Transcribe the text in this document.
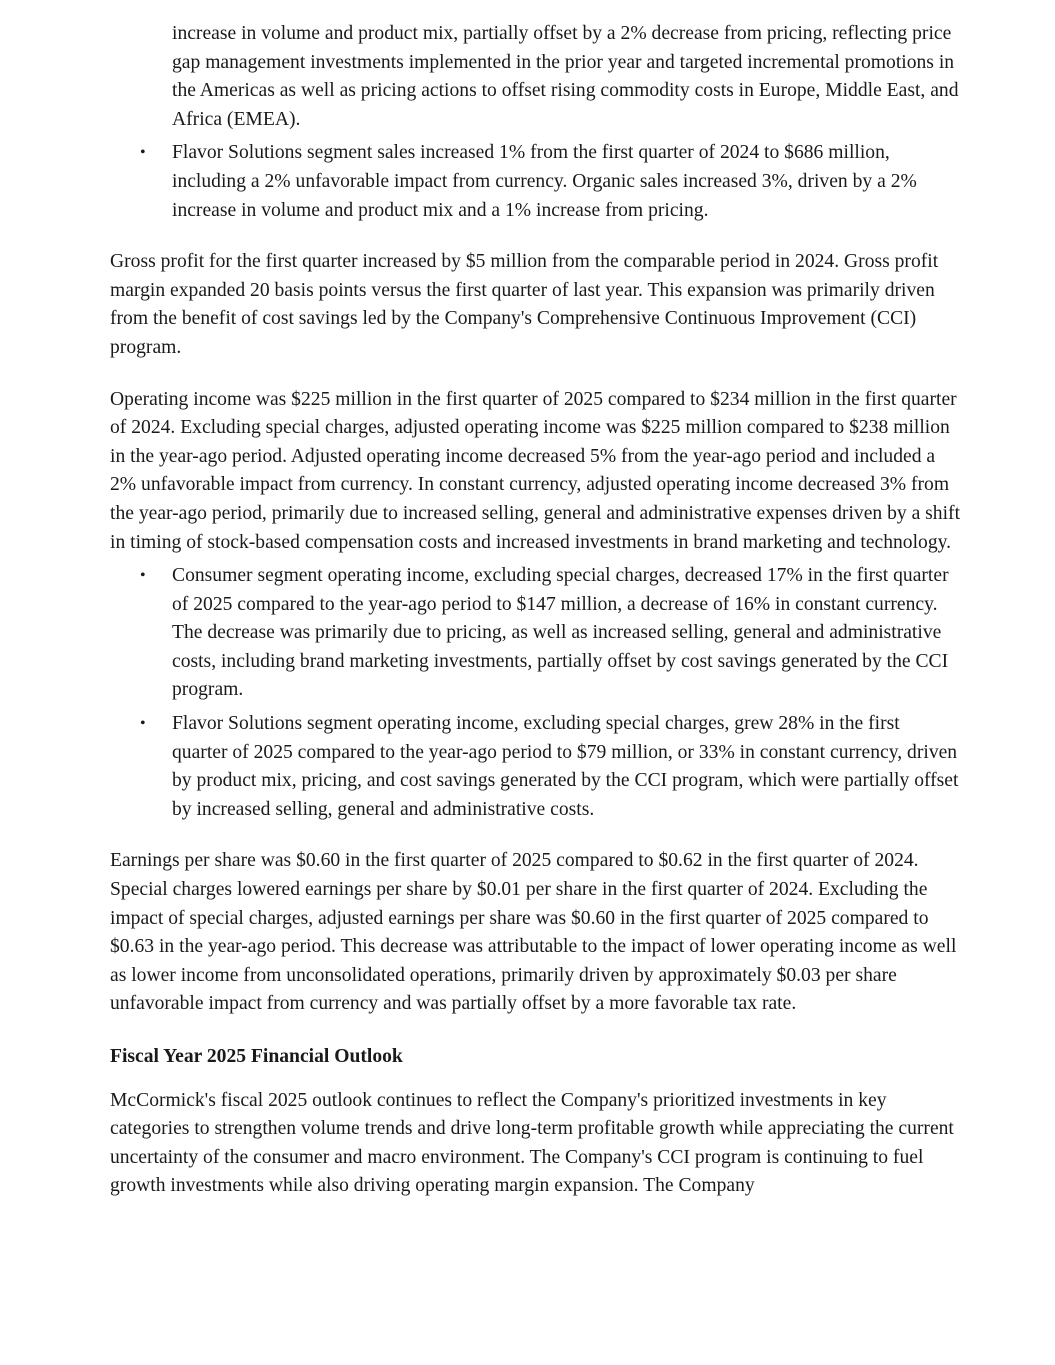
increase in volume and product mix, partially offset by a 2% decrease from pricing, reflecting price gap management investments implemented in the prior year and targeted incremental promotions in the Americas as well as pricing actions to offset rising commodity costs in Europe, Middle East, and Africa (EMEA).

• Flavor Solutions segment sales increased 1% from the first quarter of 2024 to $686 million, including a 2% unfavorable impact from currency. Organic sales increased 3%, driven by a 2% increase in volume and product mix and a 1% increase from pricing.

Gross profit for the first quarter increased by $5 million from the comparable period in 2024. Gross profit margin expanded 20 basis points versus the first quarter of last year. This expansion was primarily driven from the benefit of cost savings led by the Company's Comprehensive Continuous Improvement (CCI) program.

Operating income was $225 million in the first quarter of 2025 compared to $234 million in the first quarter of 2024. Excluding special charges, adjusted operating income was $225 million compared to $238 million in the year-ago period. Adjusted operating income decreased 5% from the year-ago period and included a 2% unfavorable impact from currency. In constant currency, adjusted operating income decreased 3% from the year-ago period, primarily due to increased selling, general and administrative expenses driven by a shift in timing of stock-based compensation costs and increased investments in brand marketing and technology.

• Consumer segment operating income, excluding special charges, decreased 17% in the first quarter of 2025 compared to the year-ago period to $147 million, a decrease of 16% in constant currency. The decrease was primarily due to pricing, as well as increased selling, general and administrative costs, including brand marketing investments, partially offset by cost savings generated by the CCI program.
• Flavor Solutions segment operating income, excluding special charges, grew 28% in the first quarter of 2025 compared to the year-ago period to $79 million, or 33% in constant currency, driven by product mix, pricing, and cost savings generated by the CCI program, which were partially offset by increased selling, general and administrative costs.

Earnings per share was $0.60 in the first quarter of 2025 compared to $0.62 in the first quarter of 2024. Special charges lowered earnings per share by $0.01 per share in the first quarter of 2024. Excluding the impact of special charges, adjusted earnings per share was $0.60 in the first quarter of 2025 compared to $0.63 in the year-ago period. This decrease was attributable to the impact of lower operating income as well as lower income from unconsolidated operations, primarily driven by approximately $0.03 per share unfavorable impact from currency and was partially offset by a more favorable tax rate.

Fiscal Year 2025 Financial Outlook

McCormick's fiscal 2025 outlook continues to reflect the Company's prioritized investments in key categories to strengthen volume trends and drive long-term profitable growth while appreciating the current uncertainty of the consumer and macro environment. The Company's CCI program is continuing to fuel growth investments while also driving operating margin expansion. The Company
